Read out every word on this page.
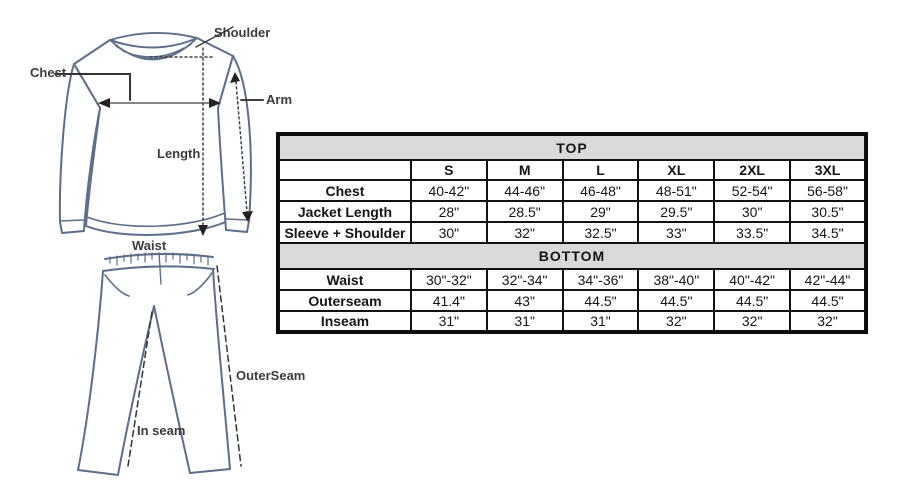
Shoulder
Chest
Arm
Length
Waist
OuterSeam
In seam
TOP						
	S	M	L	XL	2XL	3XL
Chest	40-42"	44-46"	46-48"	48-51"	52-54"	56-58"
Jacket Length	28"	28.5"	29"	29.5"	30"	30.5"
Sleeve + Shoulder	30"	32"	32.5"	33"	33.5"	34.5"
BOTTOM						
Waist	30"-32"	32"-34"	34"-36"	38"-40"	40"-42"	42"-44"
Outerseam	41.4"	43"	44.5"	44.5"	44.5"	44.5"
Inseam	31"	31"	31"	32"	32"	32"
